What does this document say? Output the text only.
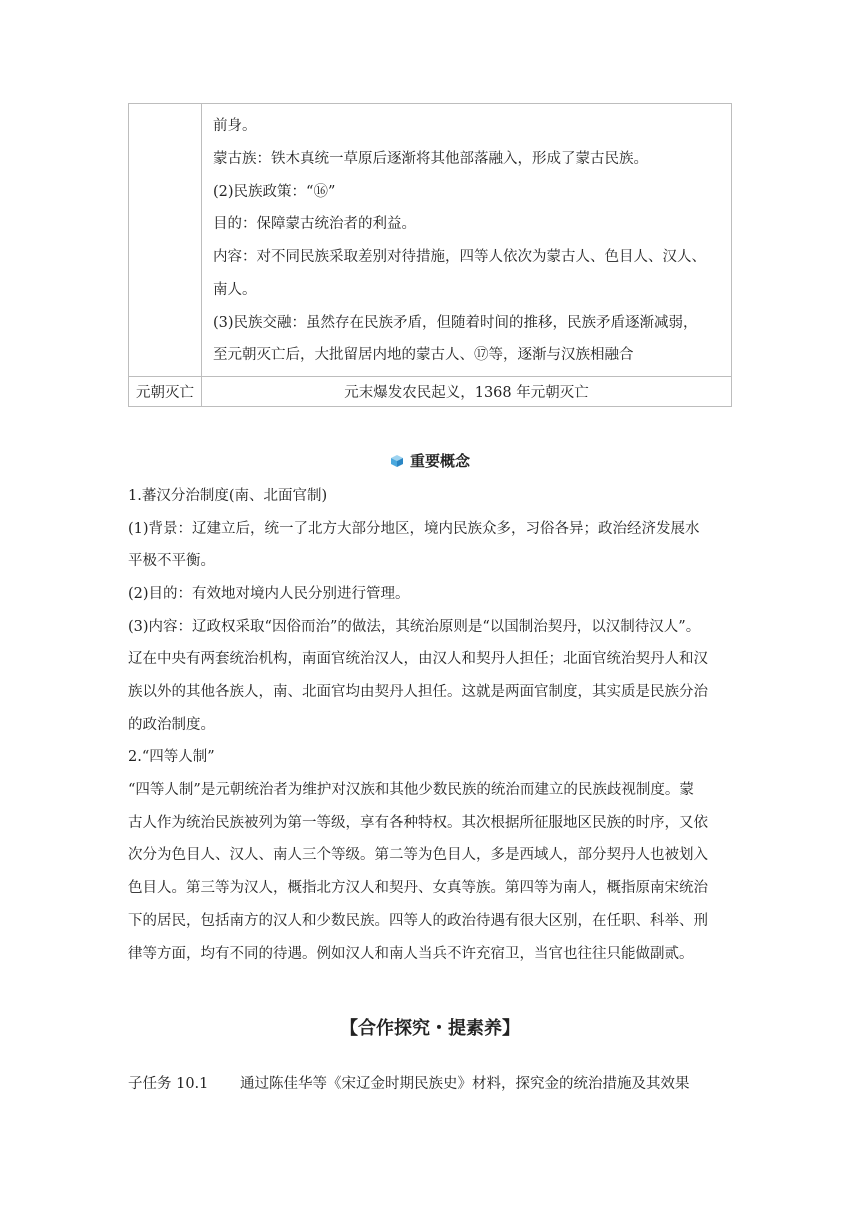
前身。
蒙古族：铁木真统一草原后逐渐将其他部落融入，形成了蒙古民族。
(2)民族政策：“⑯”
目的：保障蒙古统治者的利益。
内容：对不同民族采取差别对待措施，四等人依次为蒙古人、色目人、汉人、
南人。
(3)民族交融：虽然存在民族矛盾，但随着时间的推移，民族矛盾逐渐减弱，
至元朝灭亡后，大批留居内地的蒙古人、⑰等，逐渐与汉族相融合
元朝灭亡	元末爆发农民起义，1368 年元朝灭亡
重要概念
1.蕃汉分治制度(南、北面官制)
(1)背景：辽建立后，统一了北方大部分地区，境内民族众多，习俗各异；政治经济发展水
平极不平衡。
(2)目的：有效地对境内人民分别进行管理。
(3)内容：辽政权采取“因俗而治”的做法，其统治原则是“以国制治契丹，以汉制待汉人”。
辽在中央有两套统治机构，南面官统治汉人，由汉人和契丹人担任；北面官统治契丹人和汉
族以外的其他各族人，南、北面官均由契丹人担任。这就是两面官制度，其实质是民族分治
的政治制度。
2.“四等人制”
“四等人制”是元朝统治者为维护对汉族和其他少数民族的统治而建立的民族歧视制度。蒙
古人作为统治民族被列为第一等级，享有各种特权。其次根据所征服地区民族的时序，又依
次分为色目人、汉人、南人三个等级。第二等为色目人，多是西域人，部分契丹人也被划入
色目人。第三等为汉人，概指北方汉人和契丹、女真等族。第四等为南人，概指原南宋统治
下的居民，包括南方的汉人和少数民族。四等人的政治待遇有很大区别，在任职、科举、刑
律等方面，均有不同的待遇。例如汉人和南人当兵不许充宿卫，当官也往往只能做副贰。
【合作探究・提素养】
子任务 10.1 通过陈佳华等《宋辽金时期民族史》材料，探究金的统治措施及其效果
